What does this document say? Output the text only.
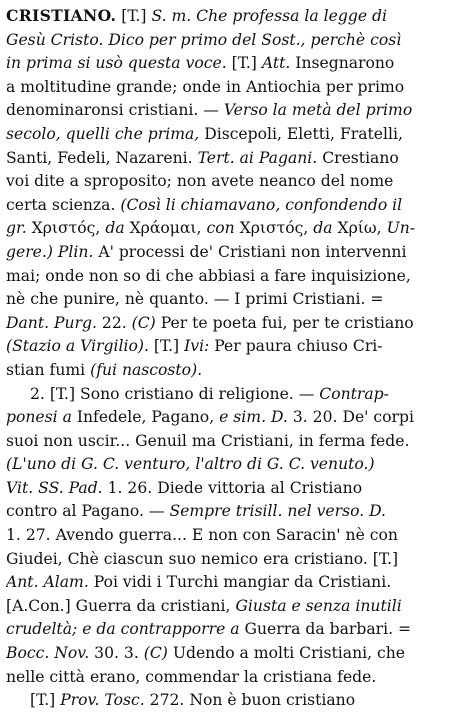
CRISTIANO. [T.] S. m. Che professa la legge di
Gesù Cristo. Dico per primo del Sost., perchè così
in prima si usò questa voce. [T.] Att. Insegnarono
a moltitudine grande; onde in Antiochia per primo
denominaronsi cristiani. — Verso la metà del primo
secolo, quelli che prima, Discepoli, Eletti, Fratelli,
Santi, Fedeli, Nazareni. Tert. ai Pagani. Crestiano
voi dite a sproposito; non avete neanco del nome
certa scienza. (Così li chiamavano, confondendo il
gr. Χριστός, da Χράομαι, con Χριστός, da Χρίω, Un-
gere.) Plin. A' processi de' Cristiani non intervenni
mai; onde non so di che abbiasi a fare inquisizione,
nè che punire, nè quanto. — I primi Cristiani. =
Dant. Purg. 22. (C) Per te poeta fui, per te cristiano
(Stazio a Virgilio). [T.] Ivi: Per paura chiuso Cri-
stian fumi (fui nascosto).
2. [T.] Sono cristiano di religione. — Contrap-
ponesi a Infedele, Pagano, e sim. D. 3. 20. De' corpi
suoi non uscir... Genuil ma Cristiani, in ferma fede.
(L'uno di G. C. venturo, l'altro di G. C. venuto.)
Vit. SS. Pad. 1. 26. Diede vittoria al Cristiano
contro al Pagano. — Sempre trisill. nel verso. D.
1. 27. Avendo guerra... E non con Saracin' nè con
Giudei, Chè ciascun suo nemico era cristiano. [T.]
Ant. Alam. Poi vidi i Turchi mangiar da Cristiani.
[A.Con.] Guerra da cristiani, Giusta e senza inutili
crudeltà; e da contrapporre a Guerra da barbari. =
Bocc. Nov. 30. 3. (C) Udendo a molti Cristiani, che
nelle città erano, commendar la cristiana fede.
[T.] Prov. Tosc. 272. Non è buon cristiano
